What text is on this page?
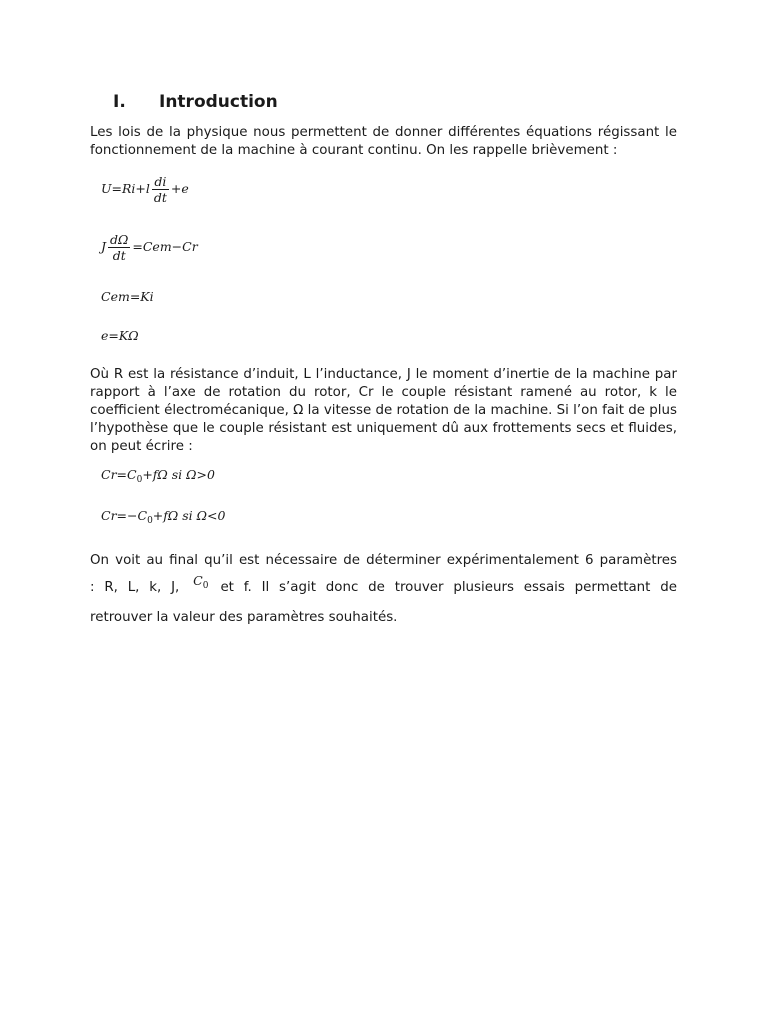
I. Introduction

Les lois de la physique nous permettent de donner différentes équations régissant le fonctionnement de la machine à courant continu. On les rappelle brièvement :

$U=Ri+l \frac{di}{dt} +e$
J $\frac{d\Omega}{dt} =Cem-Cr$
Cem=Ki
e=KΩ

Où R est la résistance d’induit, L l’inductance, J le moment d’inertie de la machine par rapport à l’axe de rotation du rotor, Cr le couple résistant ramené au rotor, k le coefficient électromécanique, Ω la vitesse de rotation de la machine. Si l’on fait de plus l’hypothèse que le couple résistant est uniquement dû aux frottements secs et fluides, on peut écrire :

$Cr=C_0+f\Omega$ si Ω>0
$Cr=-C_0+f\Omega$ si Ω<0

On voit au final qu’il est nécessaire de déterminer expérimentalement 6 paramètres
: R, L, k, J, $C_0$ et f. Il s’agit donc de trouver plusieurs essais permettant de
retrouver la valeur des paramètres souhaités.
